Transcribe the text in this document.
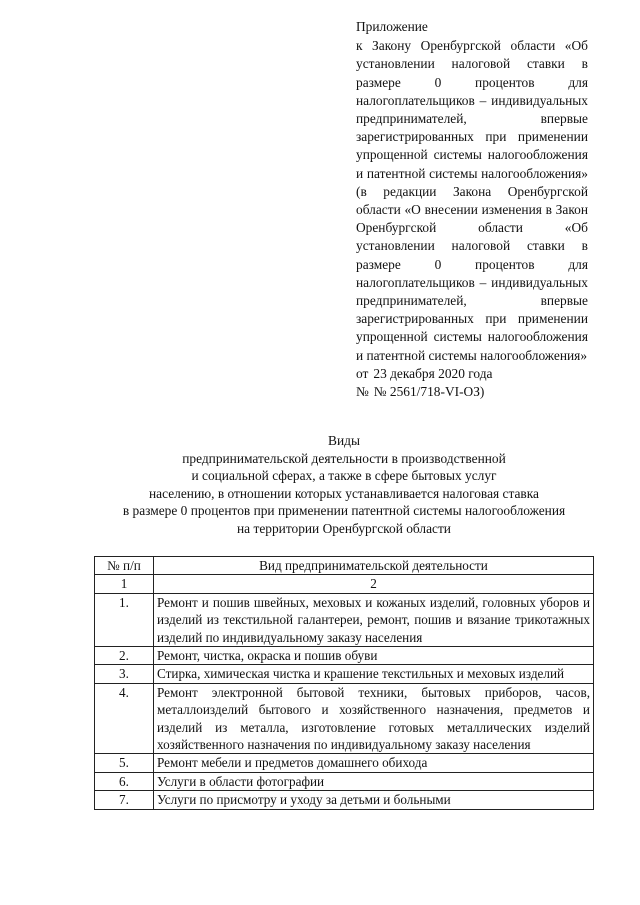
Приложение

к Закону Оренбургской области «Об установлении налоговой ставки в размере 0 процентов для налогоплательщиков – индивидуальных предпринимателей, впервые зарегистрированных при применении упрощенной системы налогообложения и патентной системы налогообложения» (в редакции Закона Оренбургской области «О внесении изменения в Закон Оренбургской области «Об установлении налоговой ставки в размере 0 процентов для налогоплательщиков – индивидуальных предпринимателей, впервые зарегистрированных при применении упрощенной системы налогообложения и патентной системы налогообложения»

от 23 декабря 2020 года
№ № 2561/718-VI-ОЗ)

Виды

предпринимательской деятельности в производственной

и социальной сферах, а также в сфере бытовых услуг

населению, в отношении которых устанавливается налоговая ставка

в размере 0 процентов при применении патентной системы налогообложения

на территории Оренбургской области

№ п/п	Вид предпринимательской деятельности
1	2
1.	Ремонт и пошив швейных, меховых и кожаных изделий, головных уборов и изделий из текстильной галантереи, ремонт, пошив и вязание трикотажных изделий по индивидуальному заказу населения
2.	Ремонт, чистка, окраска и пошив обуви
3.	Стирка, химическая чистка и крашение текстильных и меховых изделий
4.	Ремонт электронной бытовой техники, бытовых приборов, часов, металлоизделий бытового и хозяйственного назначения, предметов и изделий из металла, изготовление готовых металлических изделий хозяйственного назначения по индивидуальному заказу населения
5.	Ремонт мебели и предметов домашнего обихода
6.	Услуги в области фотографии
7.	Услуги по присмотру и уходу за детьми и больными
